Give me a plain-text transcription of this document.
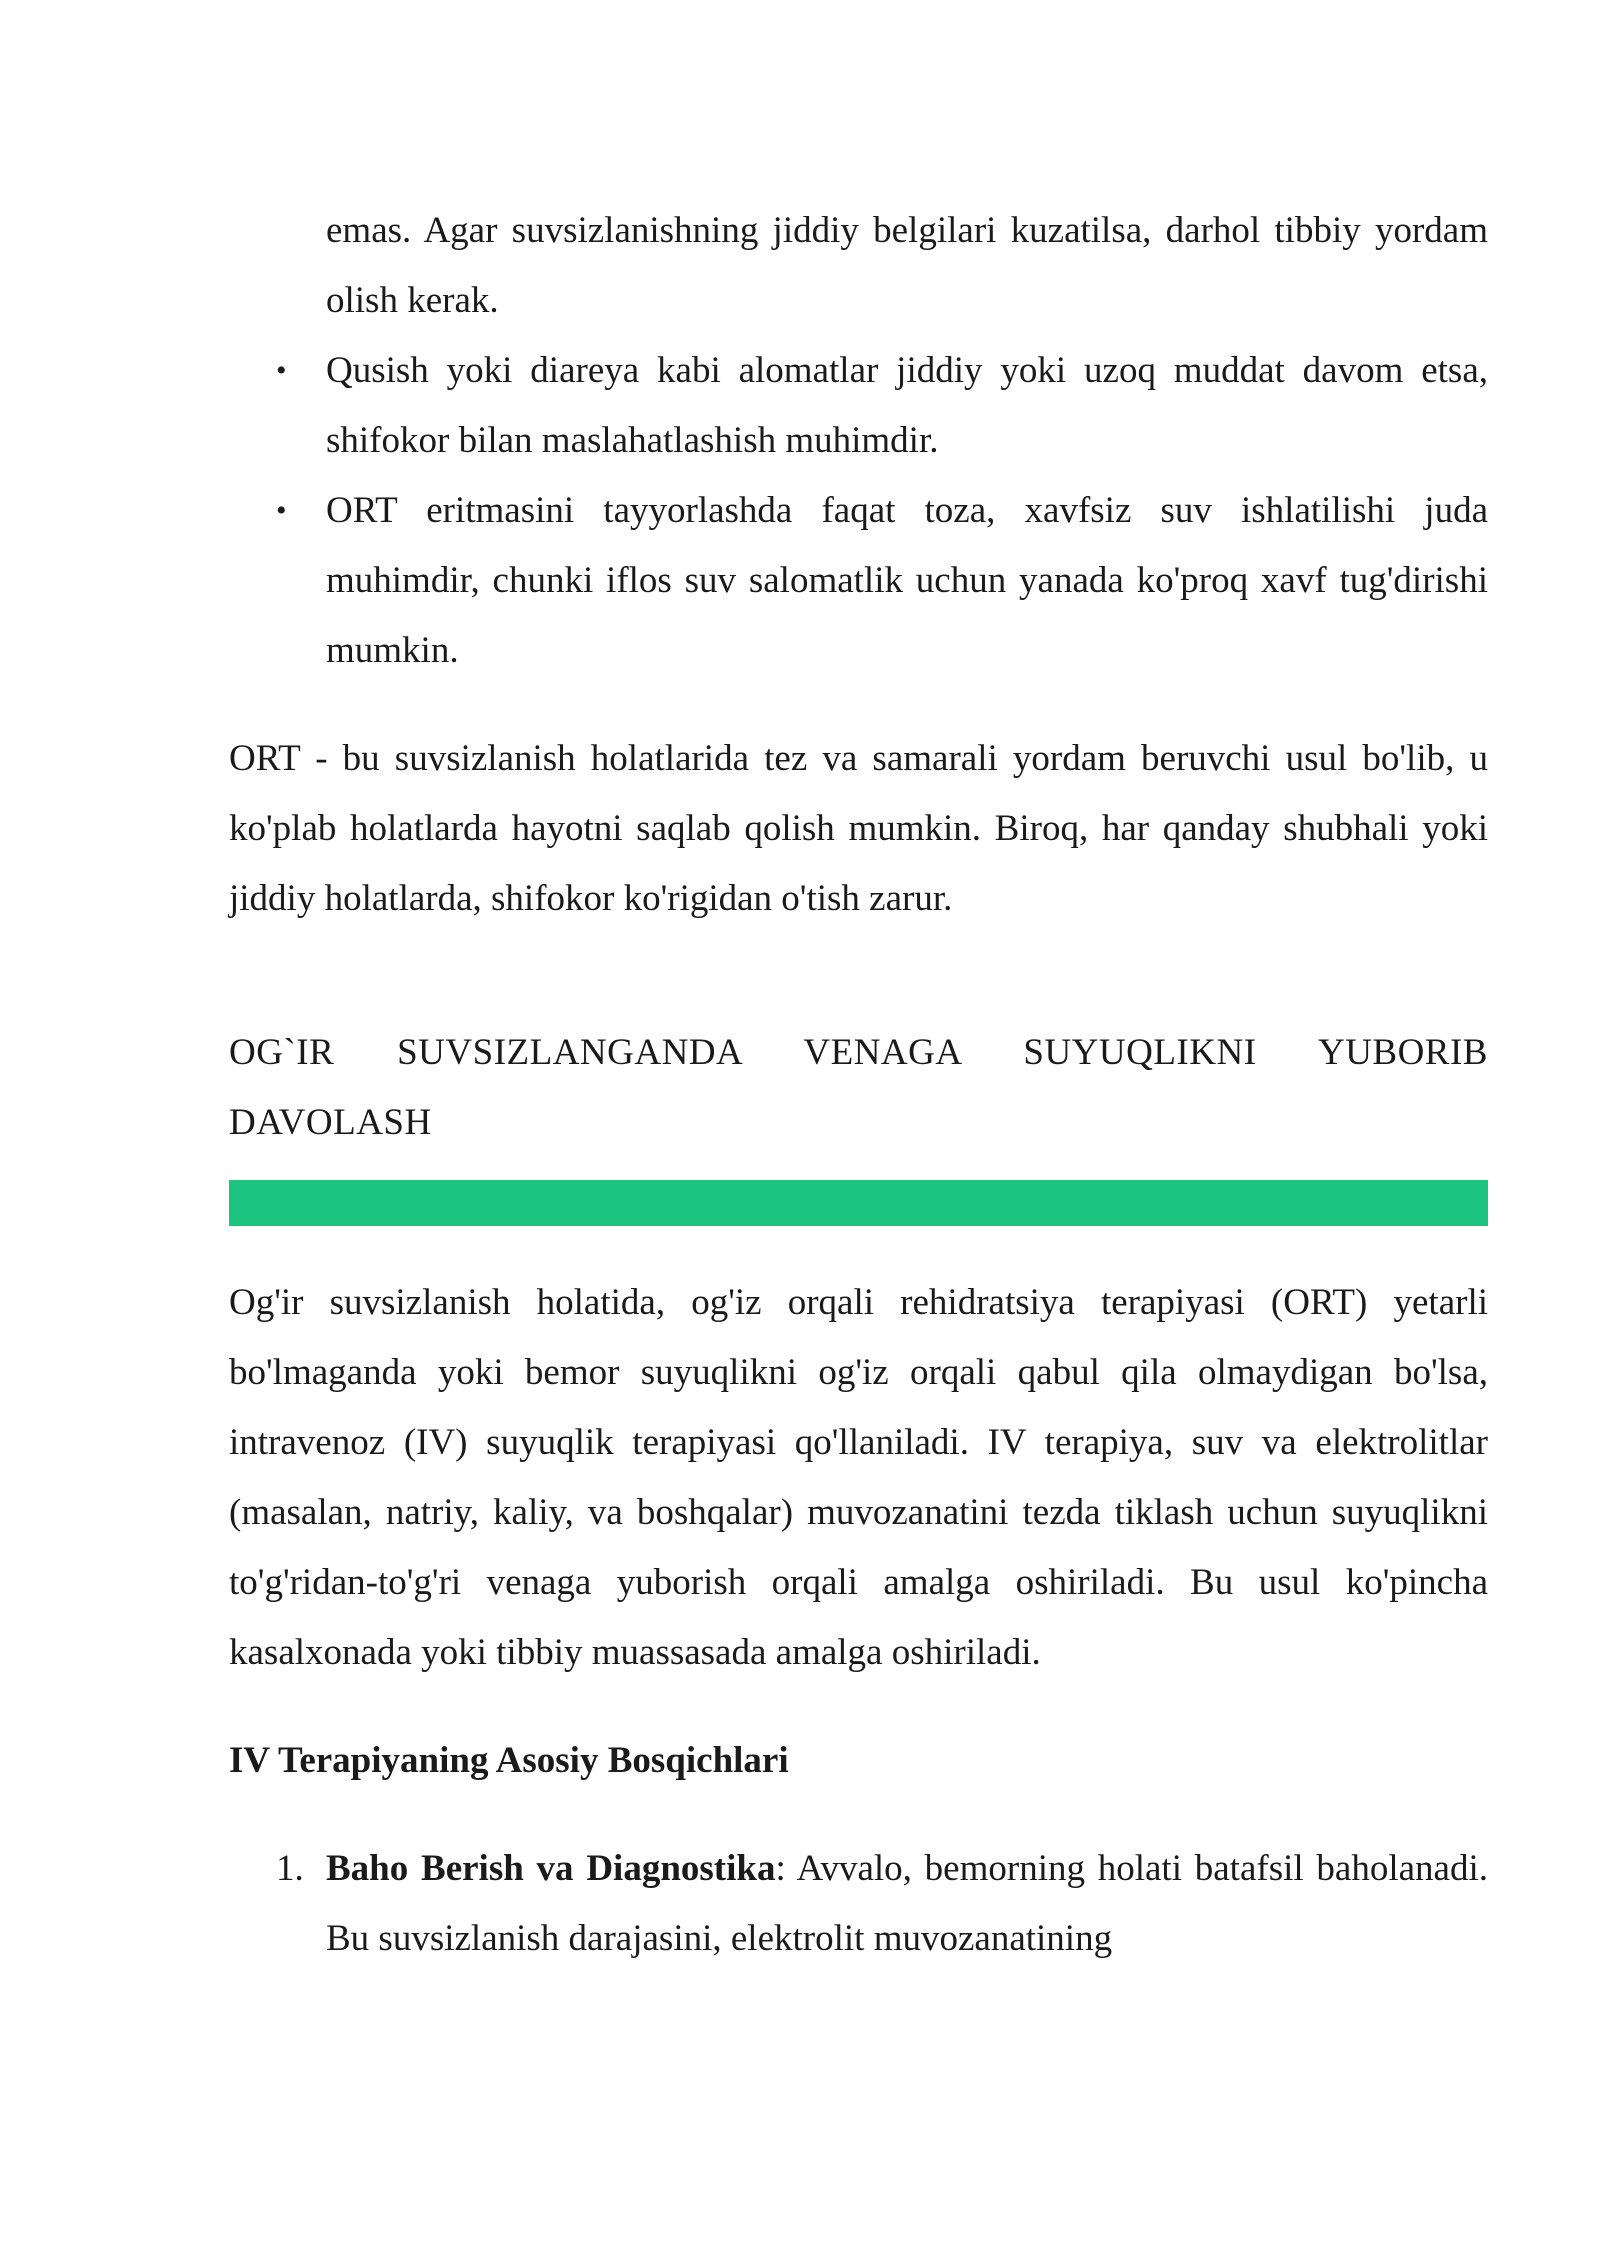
emas. Agar suvsizlanishning jiddiy belgilari kuzatilsa, darhol tibbiy yordam olish kerak.

• Qusish yoki diareya kabi alomatlar jiddiy yoki uzoq muddat davom etsa, shifokor bilan maslahatlashish muhimdir.
• ORT eritmasini tayyorlashda faqat toza, xavfsiz suv ishlatilishi juda muhimdir, chunki iflos suv salomatlik uchun yanada ko'proq xavf tug'dirishi mumkin.

ORT - bu suvsizlanish holatlarida tez va samarali yordam beruvchi usul bo'lib, u ko'plab holatlarda hayotni saqlab qolish mumkin. Biroq, har qanday shubhali yoki jiddiy holatlarda, shifokor ko'rigidan o'tish zarur.

OG`IR SUVSIZLANGANDA VENAGA SUYUQLIKNI YUBORIB DAVOLASH

Og'ir suvsizlanish holatida, og'iz orqali rehidratsiya terapiyasi (ORT) yetarli bo'lmaganda yoki bemor suyuqlikni og'iz orqali qabul qila olmaydigan bo'lsa, intravenoz (IV) suyuqlik terapiyasi qo'llaniladi. IV terapiya, suv va elektrolitlar (masalan, natriy, kaliy, va boshqalar) muvozanatini tezda tiklash uchun suyuqlikni to'g'ridan-to'g'ri venaga yuborish orqali amalga oshiriladi. Bu usul ko'pincha kasalxonada yoki tibbiy muassasada amalga oshiriladi.

IV Terapiyaning Asosiy Bosqichlari
1. Baho Berish va Diagnostika: Avvalo, bemorning holati batafsil baholanadi. Bu suvsizlanish darajasini, elektrolit muvozanatining
